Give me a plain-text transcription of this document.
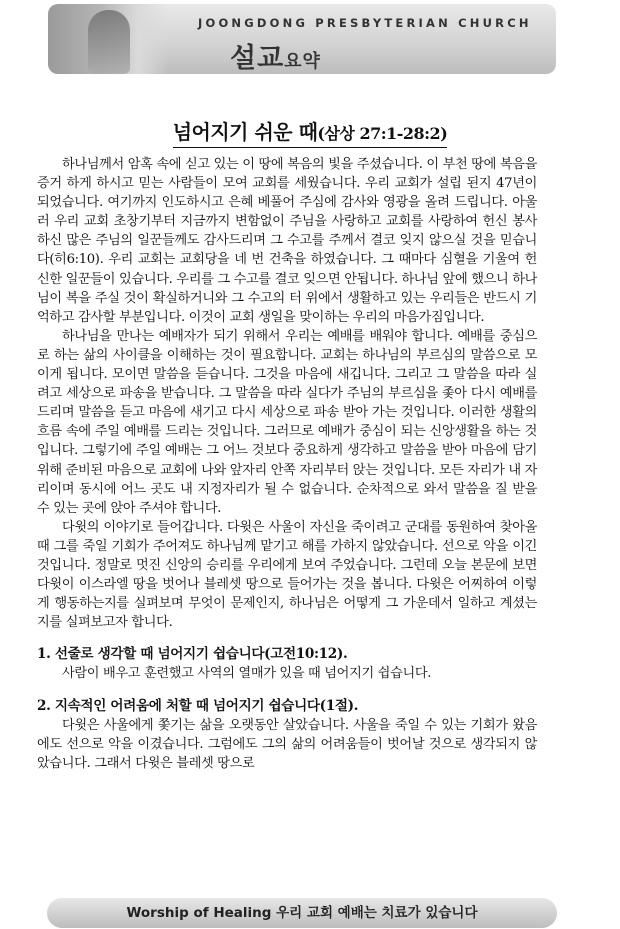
JOONGDONG PRESBYTERIAN CHURCH
설교요약
넘어지기 쉬운 때(삼상 27:1-28:2)

하나님께서 암혹 속에 싣고 있는 이 땅에 복음의 빛을 주셨습니다. 이 부천 땅에 복음을 증거 하게 하시고 믿는 사람들이 모여 교회를 세웠습니다. 우리 교회가 설립 된지 47년이 되었습니다. 여기까지 인도하시고 은혜 베풀어 주심에 감사와 영광을 올려 드립니다. 아울러 우리 교회 초창기부터 지금까지 변함없이 주님을 사랑하고 교회를 사랑하여 헌신 봉사하신 많은 주님의 일꾼들께도 감사드리며 그 수고를 주께서 결코 잊지 않으실 것을 믿습니다(히6:10). 우리 교회는 교회당을 네 번 건축을 하였습니다. 그 때마다 심혈을 기울여 헌신한 일꾼들이 있습니다. 우리를 그 수고를 결코 잊으면 안됩니다. 하나님 앞에 했으니 하나님이 복을 주실 것이 확실하거니와 그 수고의 터 위에서 생활하고 있는 우리들은 반드시 기억하고 감사할 부분입니다. 이것이 교회 생일을 맞이하는 우리의 마음가짐입니다.

하나님을 만나는 예배자가 되기 위해서 우리는 예배를 배워야 합니다. 예배를 중심으로 하는 삶의 사이클을 이해하는 것이 필요합니다. 교회는 하나님의 부르심의 말씀으로 모이게 됩니다. 모이면 말씀을 듣습니다. 그것을 마음에 새깁니다. 그리고 그 말씀을 따라 실려고 세상으로 파송을 받습니다. 그 말씀을 따라 실다가 주님의 부르심을 좇아 다시 예배를 드리며 말씀을 듣고 마음에 새기고 다시 세상으로 파송 받아 가는 것입니다. 이러한 생활의 흐름 속에 주일 예배를 드리는 것입니다. 그러므로 예배가 중심이 되는 신앙생활을 하는 것입니다. 그렇기에 주일 예배는 그 어느 것보다 중요하게 생각하고 말씀을 받아 마음에 담기 위해 준비된 마음으로 교회에 나와 앞자리 안쪽 자리부터 앉는 것입니다. 모든 자리가 내 자리이며 동시에 어느 곳도 내 지정자리가 될 수 없습니다. 순차적으로 와서 말씀을 질 받을 수 있는 곳에 앉아 주셔야 합니다.

다윗의 이야기로 들어갑니다. 다윗은 사울이 자신을 죽이려고 군대를 동원하여 찾아올 때 그를 죽일 기회가 주어져도 하나님께 맡기고 해를 가하지 않았습니다. 선으로 악을 이긴 것입니다. 정말로 멋진 신앙의 승리를 우리에게 보여 주었습니다. 그런데 오늘 본문에 보면 다윗이 이스라엘 땅을 벗어나 블레셋 땅으로 들어가는 것을 봅니다. 다윗은 어찌하여 이렇게 행동하는지를 실펴보며 무엇이 문제인지, 하나님은 어떻게 그 가운데서 일하고 계셨는지를 실펴보고자 합니다.

1. 선줄로 생각할 때 넘어지기 쉽습니다(고전10:12).

사람이 배우고 훈련했고 사역의 열매가 있을 때 넘어지기 쉽습니다.

2. 지속적인 어려움에 처할 때 넘어지기 쉽습니다(1절).

다윗은 사울에게 쫓기는 삶을 오랫동안 살았습니다. 사울을 죽일 수 있는 기회가 왔음에도 선으로 악을 이겼습니다. 그럼에도 그의 삶의 어려움들이 벗어날 것으로 생각되지 않았습니다. 그래서 다윗은 블레셋 땅으로

Worship of Healing 우리 교회 예배는 치료가 있습니다
